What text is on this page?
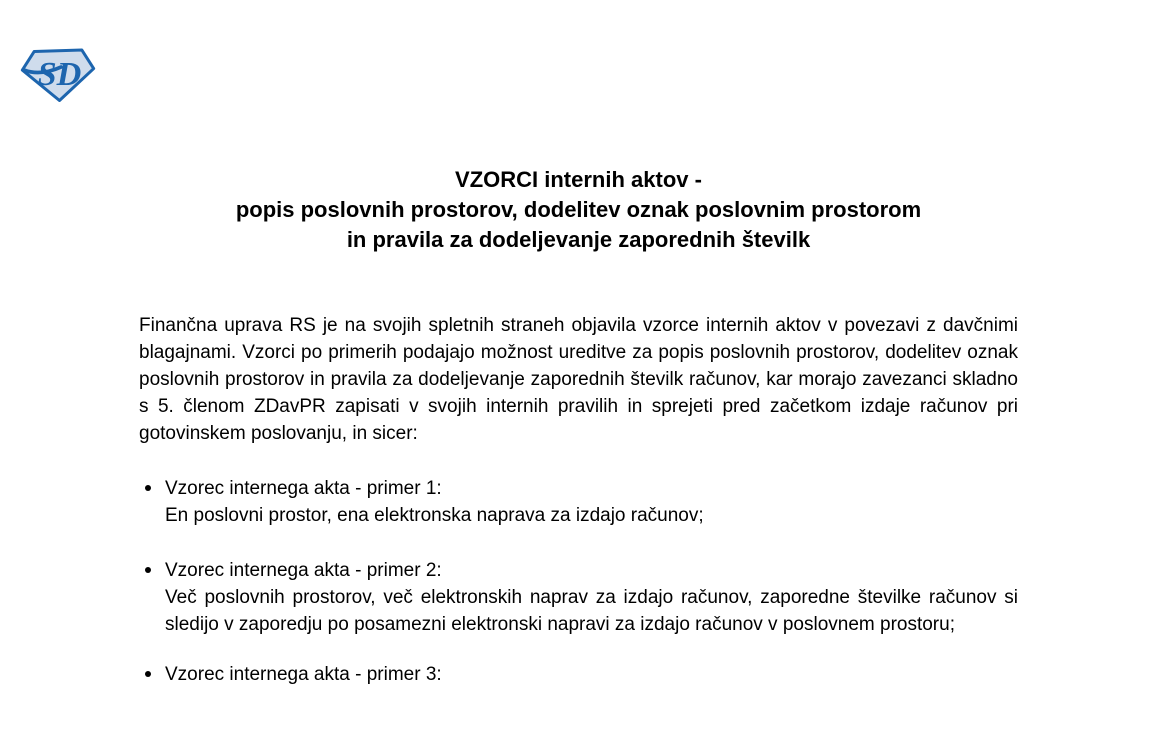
SD
VZORCI internih aktov -
popis poslovnih prostorov, dodelitev oznak poslovnim prostorom
in pravila za dodeljevanje zaporednih številk

Finančna uprava RS je na svojih spletnih straneh objavila vzorce internih aktov v povezavi z davčnimi blagajnami. Vzorci po primerih podajajo možnost ureditve za popis poslovnih prostorov, dodelitev oznak poslovnih prostorov in pravila za dodeljevanje zaporednih številk računov, kar morajo zavezanci skladno s 5. členom ZDavPR zapisati v svojih internih pravilih in sprejeti pred začetkom izdaje računov pri gotovinskem poslovanju, in sicer:

Vzorec internega akta - primer 1:
En poslovni prostor, ena elektronska naprava za izdajo računov;
Vzorec internega akta - primer 2:
Več poslovnih prostorov, več elektronskih naprav za izdajo računov, zaporedne številke računov si sledijo v zaporedju po posamezni elektronski napravi za izdajo računov v poslovnem prostoru;
Vzorec internega akta - primer 3:
